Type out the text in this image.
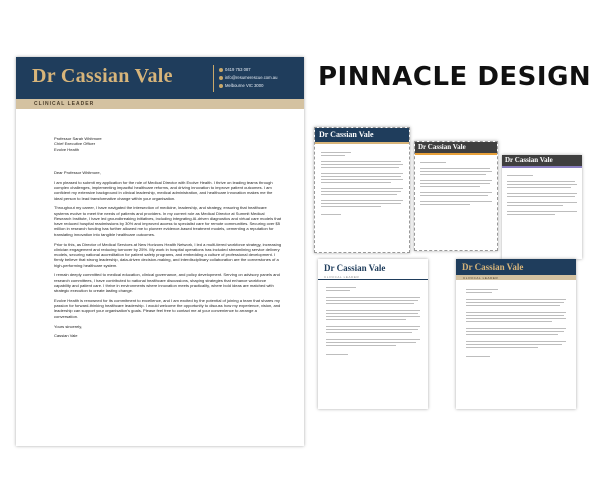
Dr Cassian Vale	0419 753 087
info@resumerescue.com.au
Melbourne VIC 3000
CLINICAL LEADER

Professor Sarah Whitmore

Chief Executive Officer

Evolve Health

Dear Professor Whitmore,

I am pleased to submit my application for the role of Medical Director with Evolve Health. I thrive on leading teams through complex challenges, implementing impactful healthcare reforms, and driving innovation to improve patient outcomes. I am confident my extensive background in clinical leadership, medical administration, and healthcare innovation makes me the ideal person to lead transformative change within your organisation.

Throughout my career, I have navigated the intersection of medicine, leadership, and strategy, ensuring that healthcare systems evolve to meet the needs of patients and providers. In my current role as Medical Director at Summit Medical Research Institute, I have led groundbreaking initiatives, including integrating AI-driven diagnostics and virtual care models that have reduced hospital readmissions by 30% and improved access to specialist care for remote communities. Securing over $5 million in research funding has further allowed me to pioneer evidence-based treatment models, cementing a reputation for translating innovation into tangible healthcare outcomes.

Prior to this, as Director of Medical Services at New Horizons Health Network, I led a multi-tiered workforce strategy, increasing clinician engagement and reducing turnover by 25%. My work in hospital operations has included streamlining service delivery models, securing national accreditation for patient safety programs, and embedding a culture of professional development. I firmly believe that strong leadership, data-driven decision-making, and interdisciplinary collaboration are the cornerstones of a high-performing healthcare system.

I remain deeply committed to medical education, clinical governance, and policy development. Serving on advisory panels and research committees, I have contributed to national healthcare discussions, shaping strategies that enhance workforce capability and patient care. I thrive in environments where innovation meets practicality, where bold ideas are matched with strategic execution to create lasting change.

Evolve Health is renowned for its commitment to excellence, and I am excited by the potential of joining a team that shares my passion for forward-thinking healthcare leadership. I would welcome the opportunity to discuss how my experience, vision, and leadership can support your organisation’s goals. Please feel free to contact me at your convenience to arrange a conversation.

Yours sincerely,

Cassian Vale

PINNACLE DESIGN
Dr Cassian Vale
Dr Cassian Vale
Dr Cassian Vale
Dr Cassian Vale
CLINICAL LEADER
Dr Cassian Vale
CLINICAL LEADER
